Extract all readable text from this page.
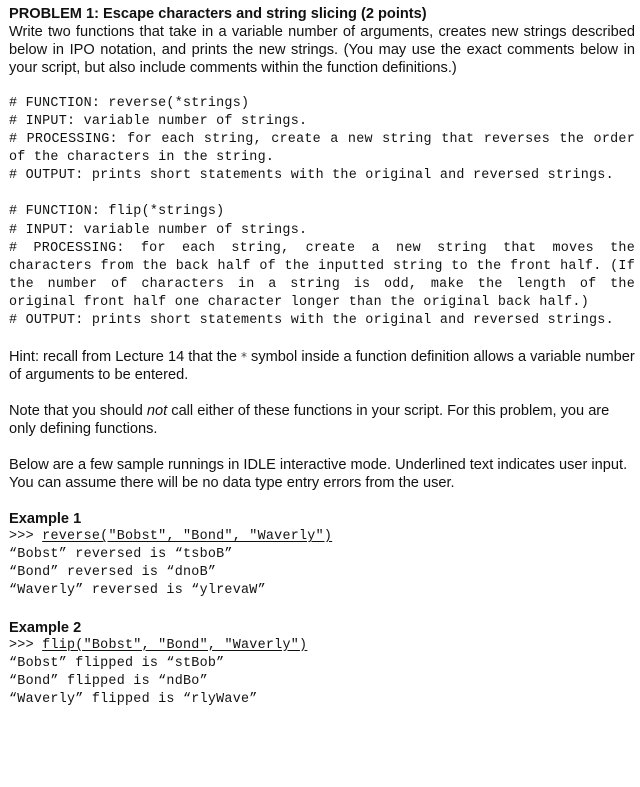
PROBLEM 1: Escape characters and string slicing (2 points)
Write two functions that take in a variable number of arguments, creates new strings described below in IPO notation, and prints the new strings. (You may use the exact comments below in your script, but also include comments within the function definitions.)
# FUNCTION: reverse(*strings)
# INPUT: variable number of strings.
# PROCESSING: for each string, create a new string that reverses the order of the characters in the string.
# OUTPUT: prints short statements with the original and reversed strings.
# FUNCTION: flip(*strings)
# INPUT: variable number of strings.
# PROCESSING: for each string, create a new string that moves the characters from the back half of the inputted string to the front half. (If the number of characters in a string is odd, make the length of the original front half one character longer than the original back half.)
# OUTPUT: prints short statements with the original and reversed strings.
Hint: recall from Lecture 14 that the * symbol inside a function definition allows a variable number of arguments to be entered.
Note that you should not call either of these functions in your script. For this problem, you are only defining functions.
Below are a few sample runnings in IDLE interactive mode. Underlined text indicates user input. You can assume there will be no data type entry errors from the user.
Example 1
>>> reverse("Bobst", "Bond", "Waverly")
“Bobst” reversed is “tsboB”
“Bond” reversed is “dnoB”
“Waverly” reversed is “ylrevaW”
Example 2
>>> flip("Bobst", "Bond", "Waverly")
“Bobst” flipped is “stBob”
“Bond” flipped is “ndBo”
“Waverly” flipped is “rlyWave”
